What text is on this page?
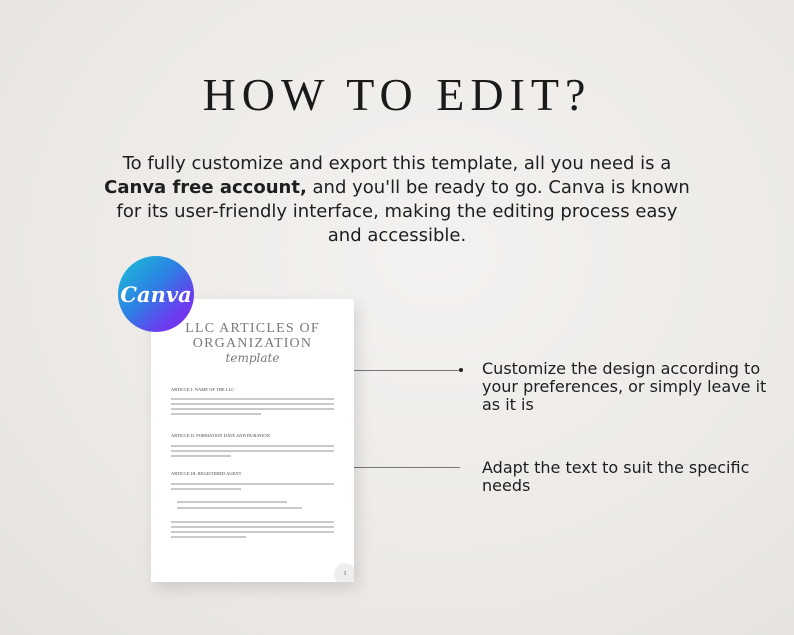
HOW TO EDIT?

To fully customize and export this template, all you need is a
Canva free account, and you'll be ready to go. Canva is known
for its user-friendly interface, making the editing process easy
and accessible.

Canva
LLC ARTICLES OF
ORGANIZATION
template
ARTICLE I: NAME OF THE LLC
ARTICLE II: FORMATION DATE AND DURATION
ARTICLE III: REGISTERED AGENT
1

Customize the design according to your preferences, or simply leave it as it is

Adapt the text to suit the specific needs
